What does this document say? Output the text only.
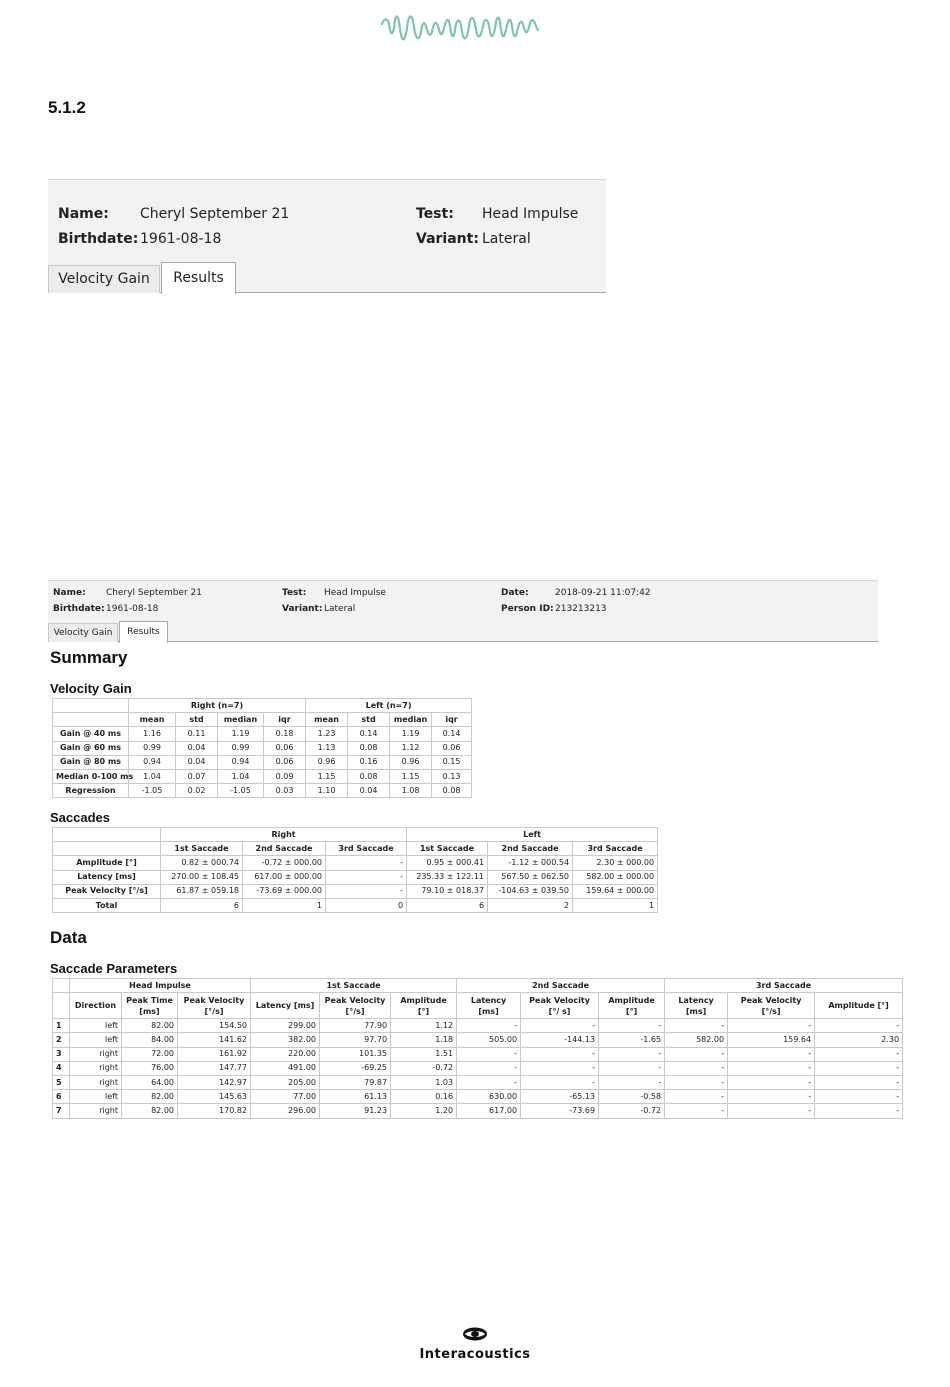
5.1.2
Name: Cheryl September 21
Birthdate: 1961-08-18
Test: Head Impulse
Variant: Lateral
Velocity Gain	Results
Name: Cheryl September 21
Birthdate: 1961-08-18
Test: Head Impulse
Variant: Lateral
Date:	2018-09-21 11:07:42
Person ID: 213213213
Velocity Gain	Results
Summary
Velocity Gain
	Right (n=7)				Left (n=7)			
	mean	std	median	iqr	mean	std	median	iqr
Gain @ 40 ms	1.16	0.11	1.19	0.18	1.23	0.14	1.19	0.14
Gain @ 60 ms	0.99	0.04	0.99	0.06	1.13	0.08	1.12	0.06
Gain @ 80 ms	0.94	0.04	0.94	0.06	0.96	0.16	0.96	0.15
Median 0-100 ms	1.04	0.07	1.04	0.09	1.15	0.08	1.15	0.13
Regression	-1.05	0.02	-1.05	0.03	1.10	0.04	1.08	0.08
Saccades
	Right			Left		
	1st Saccade	2nd Saccade	3rd Saccade	1st Saccade	2nd Saccade	3rd Saccade
Amplitude [°]	0.82 ± 000.74	-0.72 ± 000.00	-	0.95 ± 000.41	-1.12 ± 000.54	2.30 ± 000.00
Latency [ms]	270.00 ± 108.45	617.00 ± 000.00	-	235.33 ± 122.11	567.50 ± 062.50	582.00 ± 000.00
Peak Velocity [°/s]	61.87 ± 059.18	-73.69 ± 000.00	-	79.10 ± 018.37	-104.63 ± 039.50	159.64 ± 000.00
Total	6	1	0	6	2	1
Data
Saccade Parameters
	Head Impulse			1st Saccade			2nd Saccade			3rd Saccade		
	Direction	Peak Time [ms]	Peak Velocity [°/s]	Latency [ms]	Peak Velocity [°/s]	Amplitude [°]	Latency [ms]	Peak Velocity [°/ s]	Amplitude [°]	Latency [ms]	Peak Velocity [°/s]	Amplitude [°]
1	left	82.00	154.50	299.00	77.90	1.12	-	-	-	-	-	-
2	left	84.00	141.62	382.00	97.70	1.18	505.00	-144.13	-1.65	582.00	159.64	2.30
3	right	72.00	161.92	220.00	101.35	1.51	-	-	-	-	-	-
4	right	76.00	147.77	491.00	-69.25	-0.72	-	-	-	-	-	-
5	right	64.00	142.97	205.00	79.87	1.03	-	-	-	-	-	-
6	left	82.00	145.63	77.00	61.13	0.16	630.00	-65.13	-0.58	-	-	-
7	right	82.00	170.82	296.00	91.23	1.20	617.00	-73.69	-0.72	-	-	-
Interacoustics
